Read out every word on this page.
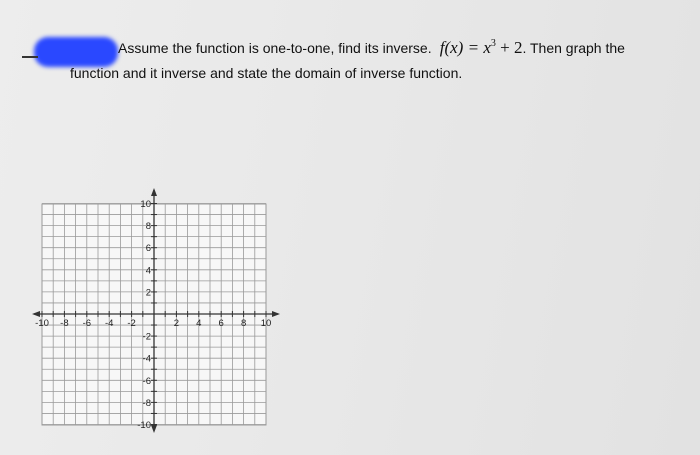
Assume the function is one-to-one, find its inverse. $f(x) = x^3 + 2$. Then graph the
function and it inverse and state the domain of inverse function.
-10 -8 -6 -4 -2	2 4 6 8 10
10
8
6
4
2
-2
-4
-6
-8
-10
